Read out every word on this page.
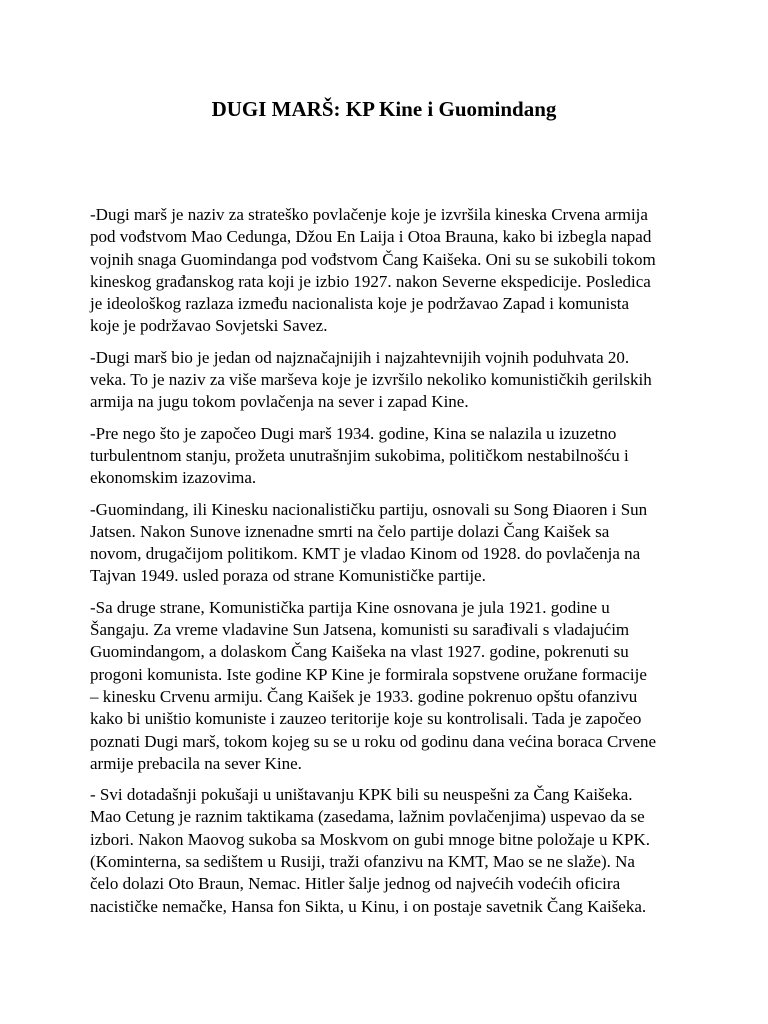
DUGI MARŠ: KP Kine i Guomindang

-Dugi marš je naziv za strateško povlačenje koje je izvršila kineska Crvena armija
pod vođstvom Mao Cedunga, Džou En Laija i Otoa Brauna, kako bi izbegla napad
vojnih snaga Guomindanga pod vođstvom Čang Kaišeka. Oni su se sukobili tokom
kineskog građanskog rata koji je izbio 1927. nakon Severne ekspedicije. Posledica
je ideološkog razlaza između nacionalista koje je podržavao Zapad i komunista
koje je podržavao Sovjetski Savez.

-Dugi marš bio je jedan od najznačajnijih i najzahtevnijih vojnih poduhvata 20.
veka. To je naziv za više marševa koje je izvršilo nekoliko komunističkih gerilskih
armija na jugu tokom povlačenja na sever i zapad Kine.

-Pre nego što je započeo Dugi marš 1934. godine, Kina se nalazila u izuzetno
turbulentnom stanju, prožeta unutrašnjim sukobima, političkom nestabilnošću i
ekonomskim izazovima.

-Guomindang, ili Kinesku nacionalističku partiju, osnovali su Song Điaoren i Sun
Jatsen. Nakon Sunove iznenadne smrti na čelo partije dolazi Čang Kaišek sa
novom, drugačijom politikom. KMT je vladao Kinom od 1928. do povlačenja na
Tajvan 1949. usled poraza od strane Komunističke partije.

-Sa druge strane, Komunistička partija Kine osnovana je jula 1921. godine u
Šangaju. Za vreme vladavine Sun Jatsena, komunisti su sarađivali s vladajućim
Guomindangom, a dolaskom Čang Kaišeka na vlast 1927. godine, pokrenuti su
progoni komunista. Iste godine KP Kine je formirala sopstvene oružane formacije
– kinesku Crvenu armiju. Čang Kaišek je 1933. godine pokrenuo opštu ofanzivu
kako bi uništio komuniste i zauzeo teritorije koje su kontrolisali. Tada je započeo
poznati Dugi marš, tokom kojeg su se u roku od godinu dana većina boraca Crvene
armije prebacila na sever Kine.

- Svi dotadašnji pokušaji u uništavanju KPK bili su neuspešni za Čang Kaišeka.
Mao Cetung je raznim taktikama (zasedama, lažnim povlačenjima) uspevao da se
izbori. Nakon Maovog sukoba sa Moskvom on gubi mnoge bitne položaje u KPK.
(Kominterna, sa sedištem u Rusiji, traži ofanzivu na KMT, Mao se ne slaže). Na
čelo dolazi Oto Braun, Nemac. Hitler šalje jednog od najvećih vodećih oficira
nacističke nemačke, Hansa fon Sikta, u Kinu, i on postaje savetnik Čang Kaišeka.
